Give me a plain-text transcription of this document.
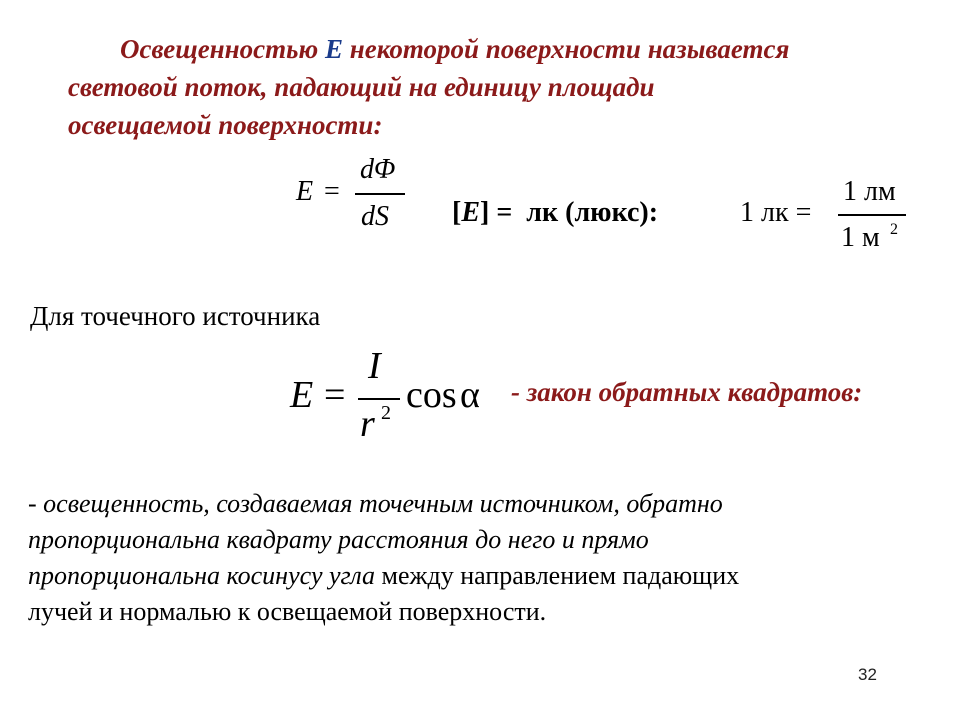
Освещенностью Е некоторой поверхности называется
световой поток, падающий на единицу площади
освещаемой поверхности:
E =
dΦ
dS [E] =  лк (люкс):	1 лк =
1 лм
1 м 2
Для точечного источника
E =
I
r 2 cos α - закон обратных квадратов:
- освещенность, создаваемая точечным источником, обратно
пропорциональна квадрату расстояния до него и прямо
пропорциональна косинусу угла между направлением падающих
лучей и нормалью к освещаемой поверхности.
32
